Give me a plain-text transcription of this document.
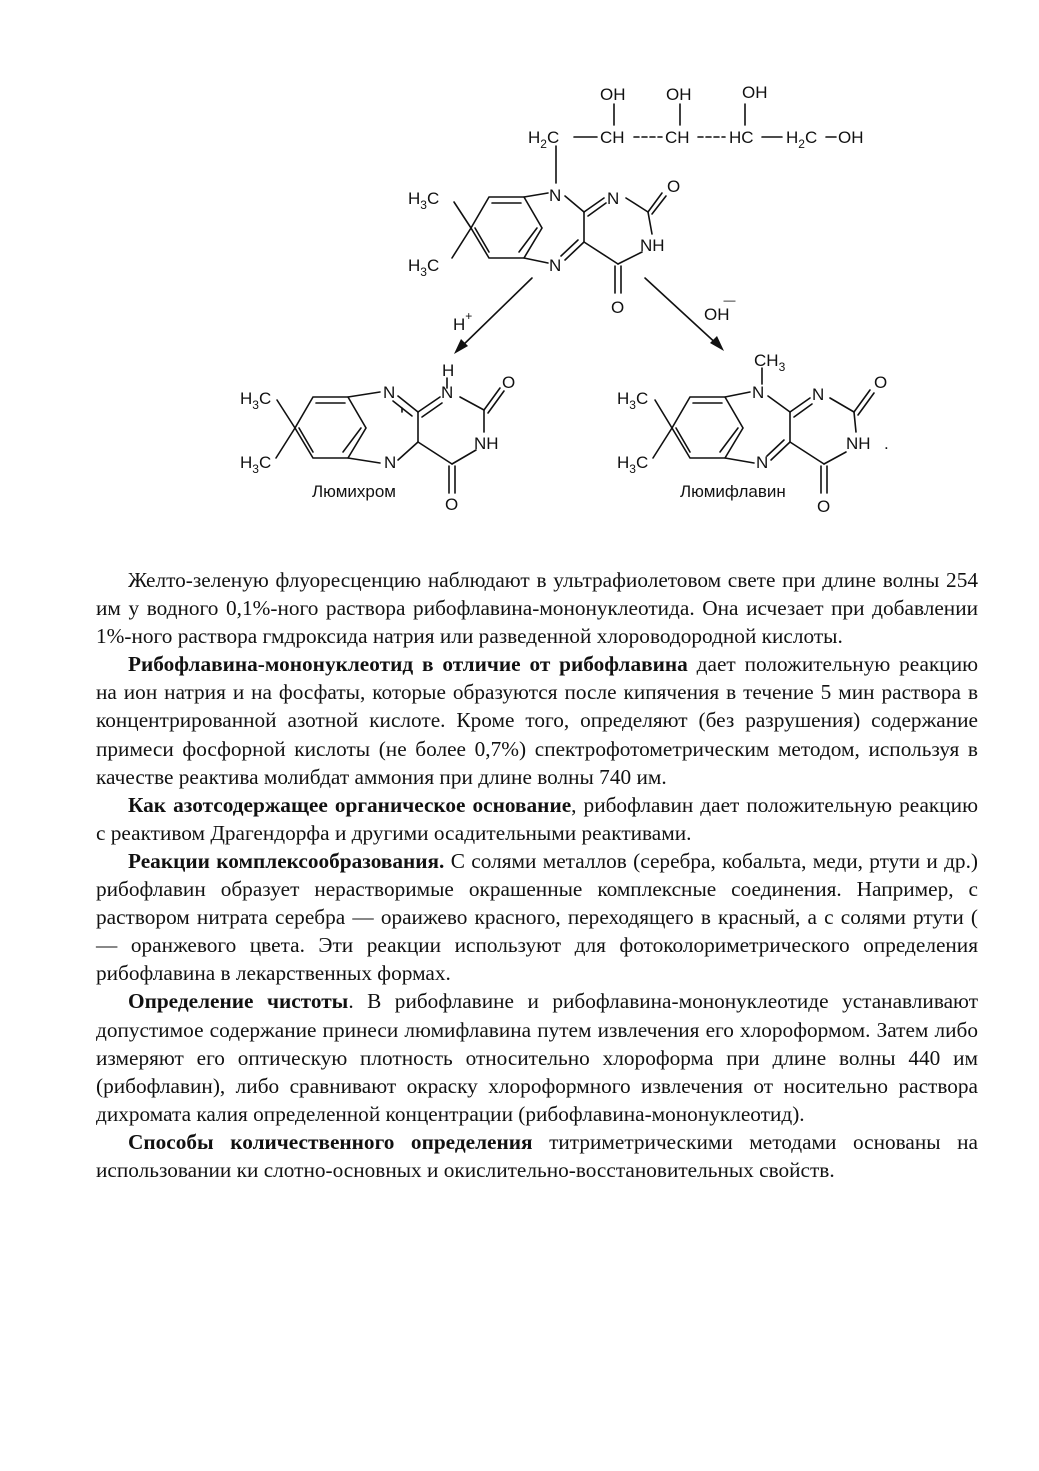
OH OH	OH
$H_2C$ CH CH HC $H_2C$ OH
N	N
O
NH
N
O
$H_3C$
$H_3C$
H+	OH—
H
N	N
O
NH
N
O
$H_3C$
$H_3C$
Люмихром
$CH_3$
N	N
O
NH .
N
O
$H_3C$
$H_3C$
Люмифлавин

Желто-зеленую флуоресценцию наблюдают в ультрафиолетовом свете при длине волны 254 им у водного 0,1%-ного раствора рибофлавина-мононуклеотида. Она исчезает при добавлении 1%-ного раствора гмдроксида натрия или разведенной хлороводородной кислоты.

Рибофлавина-мононуклеотид в отличие от рибофлавина дает положительную реакцию на ион натрия и на фосфаты, которые образуются после кипячения в течение 5 мин раствора в концентрированной азотной кислоте. Кроме того, определяют (без разрушения) содержание примеси фосфорной кислоты (не более 0,7%) спектрофотометрическим методом, используя в качестве реактива молибдат аммония при длине волны 740 им.

Как азотсодержащее органическое основание, рибофлавин дает положительную реакцию с реактивом Драгендорфа и другими осадительными реактивами.

Реакции комплексообразования. С солями металлов (серебра, кобальта, меди, ртути и др.) рибофлавин образует нерастворимые окрашенные комплексные соединения. Например, с раствором нитрата серебра — ораижево красного, переходящего в красный, а с солями ртути ( — оранжевого цвета. Эти реакции используют для фотоколориметрического определения рибофлавина в лекарственных формах.

Определение чистоты. В рибофлавине и рибофлавина-мононуклеотиде устанавливают допустимое содержание принеси люмифлавина путем извлечения его хлороформом. Затем либо измеряют его оптическую плотность относительно хлороформа при длине волны 440 им (рибофлавин), либо сравнивают окраску хлороформного извлечения от носительно раствора дихромата калия определенной концентрации (рибофлавина-мононуклеотид).

Способы количественного определения титриметрическими методами основаны на использовании ки слотно-основных и окислительно-восстановительных свойств.
